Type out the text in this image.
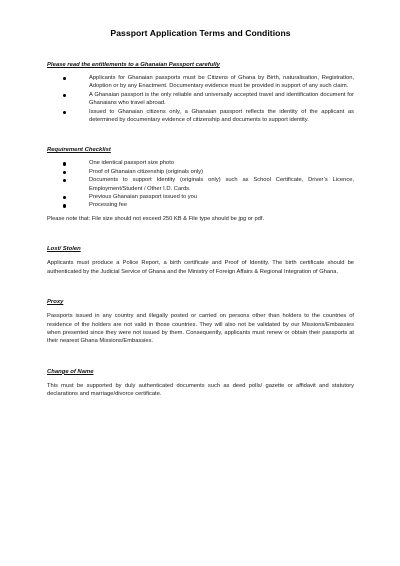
Passport Application Terms and Conditions
Please read the entitlements to a Ghanaian Passport carefully
Applicants for Ghanaian passports must be Citizens of Ghana by Birth, naturalisation, Registration, Adoption or by any Enactment. Documentary evidence must be provided in support of any such claim.
A Ghanaian passport is the only reliable and universally accepted travel and identification document for Ghanaians who travel abroad.
Issued to Ghanaian citizens only, a Ghanaian passport reflects the identity of the applicant as determined by documentary evidence of citizenship and documents to support identity.
Requirement Checklist
One identical passport size photo
Proof of Ghanaian citizenship (originals only)
Documents to support Identity (originals only) such as School Certificate, Driver’s Licence, Employment/Student / Other I.D. Cards.
Previous Ghanaian passport issued to you
Processing fee

Please note that: File size should not exceed 250 KB & File type should be jpg or pdf.

Lost/ Stolen

Applicants must produce a Police Report, a birth certificate and Proof of Identity. The birth certificate should be authenticated by the Judicial Service of Ghana and the Ministry of Foreign Affairs & Regional Integration of Ghana.

Proxy

Passports issued in any country and illegally posted or carried on persons other than holders to the countries of residence of the holders are not valid in those countries. They will also not be validated by our Missions/Embassies when presented since they were not issued by them. Consequently, applicants must renew or obtain their passports at their nearest Ghana Missions/Embassies.

Change of Name

This must be supported by duly authenticated documents such as deed polls/ gazette or affidavit and statutory declarations and marriage/divorce certificate.
